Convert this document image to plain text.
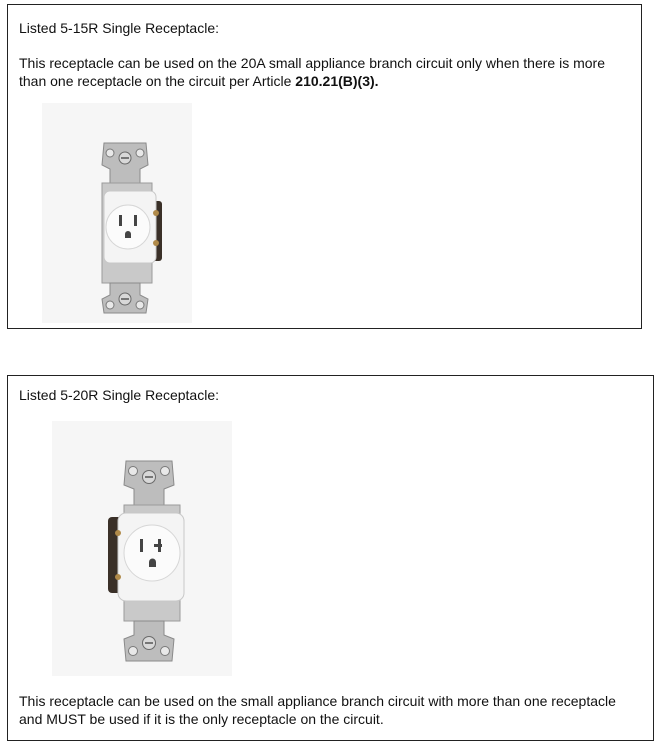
Listed 5-15R Single Receptacle:
This receptacle can be used on the 20A small appliance branch circuit only when there is more than one receptacle on the circuit per Article 210.21(B)(3).
Listed 5-20R Single Receptacle:
This receptacle can be used on the small appliance branch circuit with more than one receptacle and MUST be used if it is the only receptacle on the circuit.
